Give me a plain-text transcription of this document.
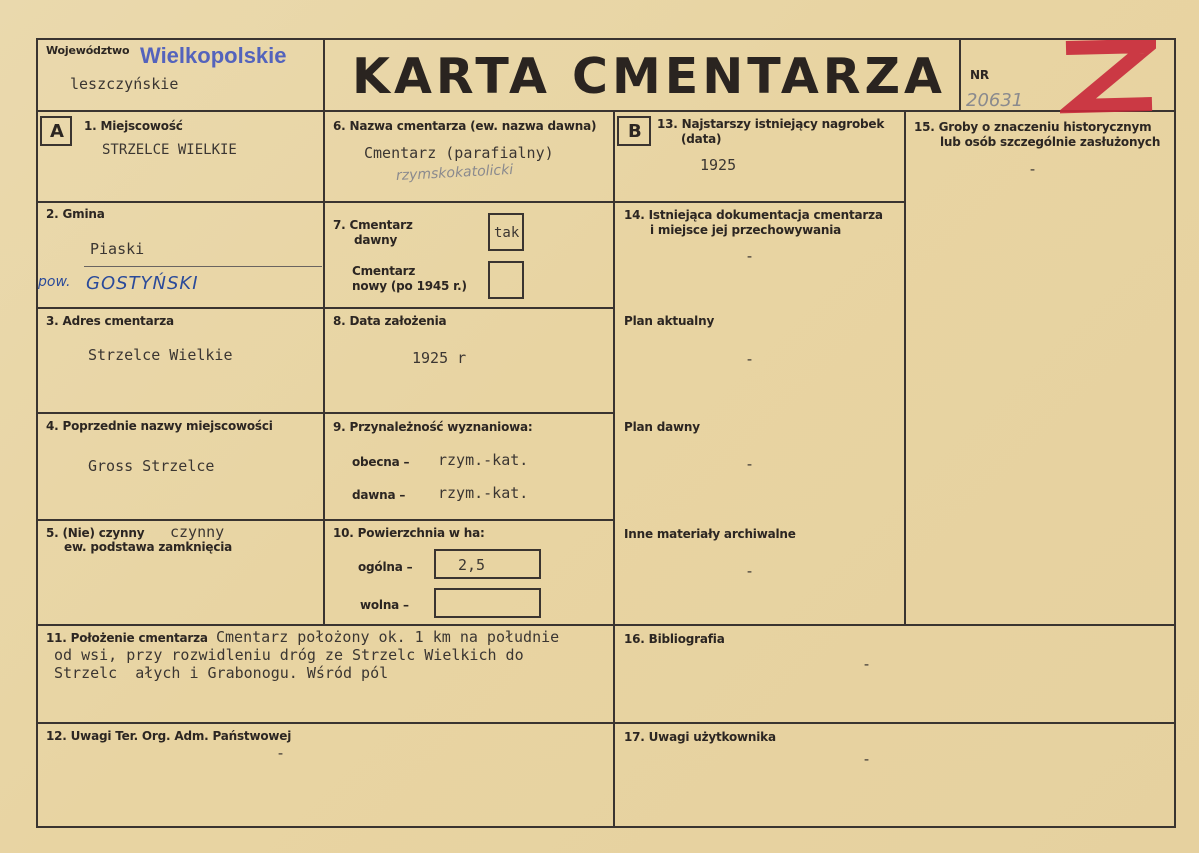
Województwo Wielkopolskie
leszczyńskie	KARTA CMENTARZA NR
20631
A	B
1. Miejscowość
STRZELCE WIELKIE
2. Gmina
Piaski
pow. GOSTYŃSKI
3. Adres cmentarza
Strzelce Wielkie
4. Poprzednie nazwy miejscowości
Gross Strzelce
5. (Nie) czynny
ew. podstawa zamknięcia
czynny
6. Nazwa cmentarza (ew. nazwa dawna)
Cmentarz (parafialny)
rzymskokatolicki
7. Cmentarz
dawny	tak
Cmentarz
nowy (po 1945 r.)
8. Data założenia
1925 r
9. Przynależność wyznaniowa:
obecna – rzym.-kat.
dawna – rzym.-kat.
10. Powierzchnia w ha:
ogólna –	2,5
wolna –
13. Najstarszy istniejący nagrobek
(data)
1925
14. Istniejąca dokumentacja cmentarza
i miejsce jej przechowywania
-
Plan aktualny
-
Plan dawny
-
Inne materiały archiwalne
-
15. Groby o znaczeniu historycznym
lub osób szczególnie zasłużonych
-
11. Położenie cmentarza Cmentarz położony ok. 1 km na południe
od wsi, przy rozwidleniu dróg ze Strzelc Wielkich do
Strzelc  ałych i Grabonogu. Wśród pól
16. Bibliografia
-
12. Uwagi Ter. Org. Adm. Państwowej
-
17. Uwagi użytkownika
-
